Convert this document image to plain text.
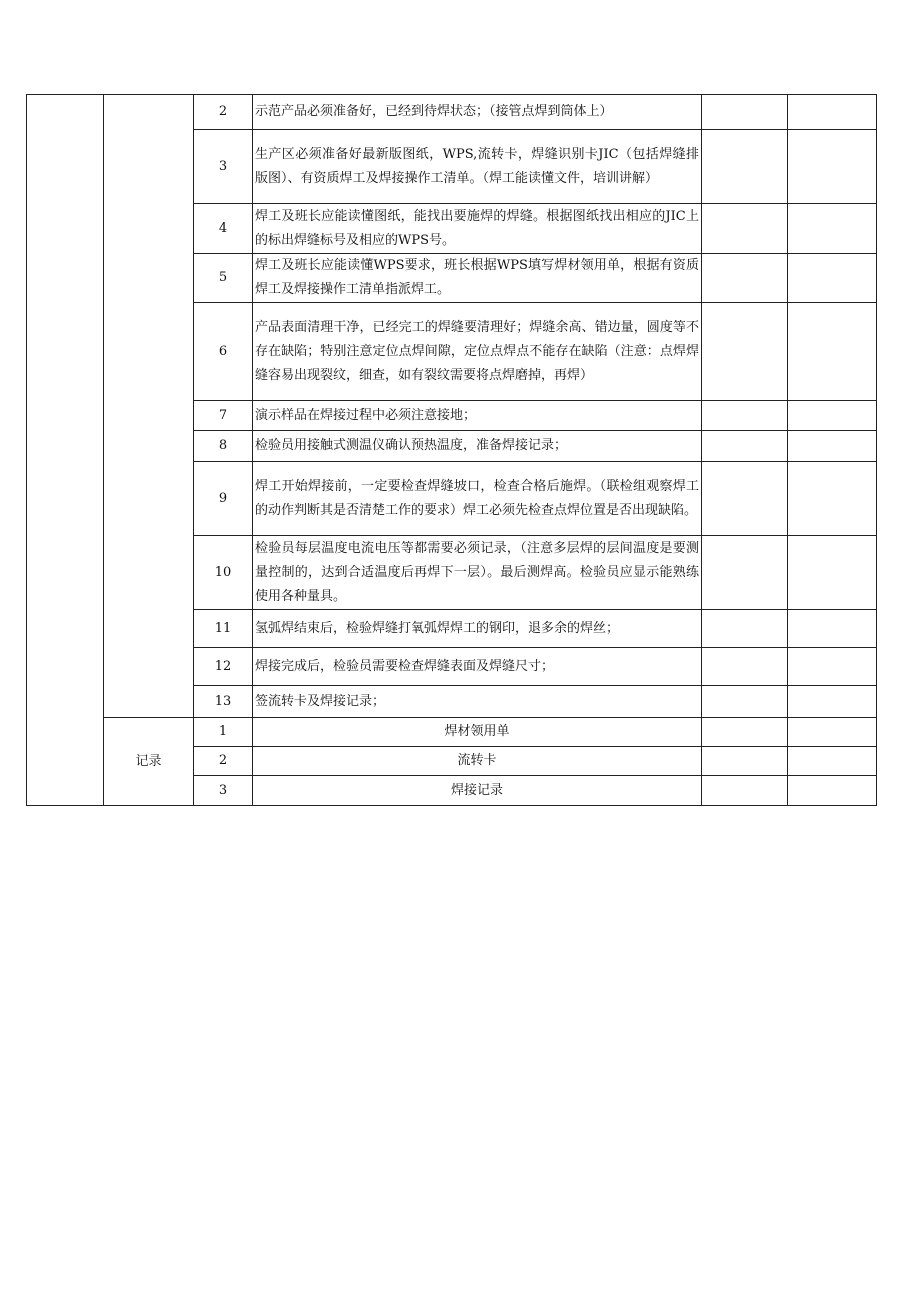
		2	示范产品必须准备好，已经到待焊状态；（接管点焊到筒体上）		
		3	生产区必须准备好最新版图纸，WPS,流转卡，焊缝识别卡JIC（包括焊缝排版图）、有资质焊工及焊接操作工清单。（焊工能读懂文件，培训讲解）		
		4	焊工及班长应能读懂图纸，能找出要施焊的焊缝。根据图纸找出相应的JIC上的标出焊缝标号及相应的WPS号。		
		5	焊工及班长应能读懂WPS要求，班长根据WPS填写焊材领用单，根据有资质焊工及焊接操作工清单指派焊工。		
		6	产品表面清理干净，已经完工的焊缝要清理好；焊缝余高、错边量，圆度等不存在缺陷；特别注意定位点焊间隙，定位点焊点不能存在缺陷（注意：点焊焊缝容易出现裂纹，细查，如有裂纹需要将点焊磨掉，再焊）		
		7	演示样品在焊接过程中必须注意接地；		
		8	检验员用接触式测温仪确认预热温度，准备焊接记录；		
		9	焊工开始焊接前，一定要检查焊缝坡口，检查合格后施焊。（联检组观察焊工的动作判断其是否清楚工作的要求）焊工必须先检查点焊位置是否出现缺陷。		
		10	检验员每层温度电流电压等都需要必须记录，（注意多层焊的层间温度是要测量控制的，达到合适温度后再焊下一层）。最后测焊高。检验员应显示能熟练使用各种量具。		
		11	氢弧焊结束后，检验焊缝打氧弧焊焊工的钢印，退多余的焊丝；		
		12	焊接完成后，检验员需要检查焊缝表面及焊缝尺寸；		
		13	签流转卡及焊接记录；		
	记录	1	焊材领用单		
		2	流转卡		
		3	焊接记录		
